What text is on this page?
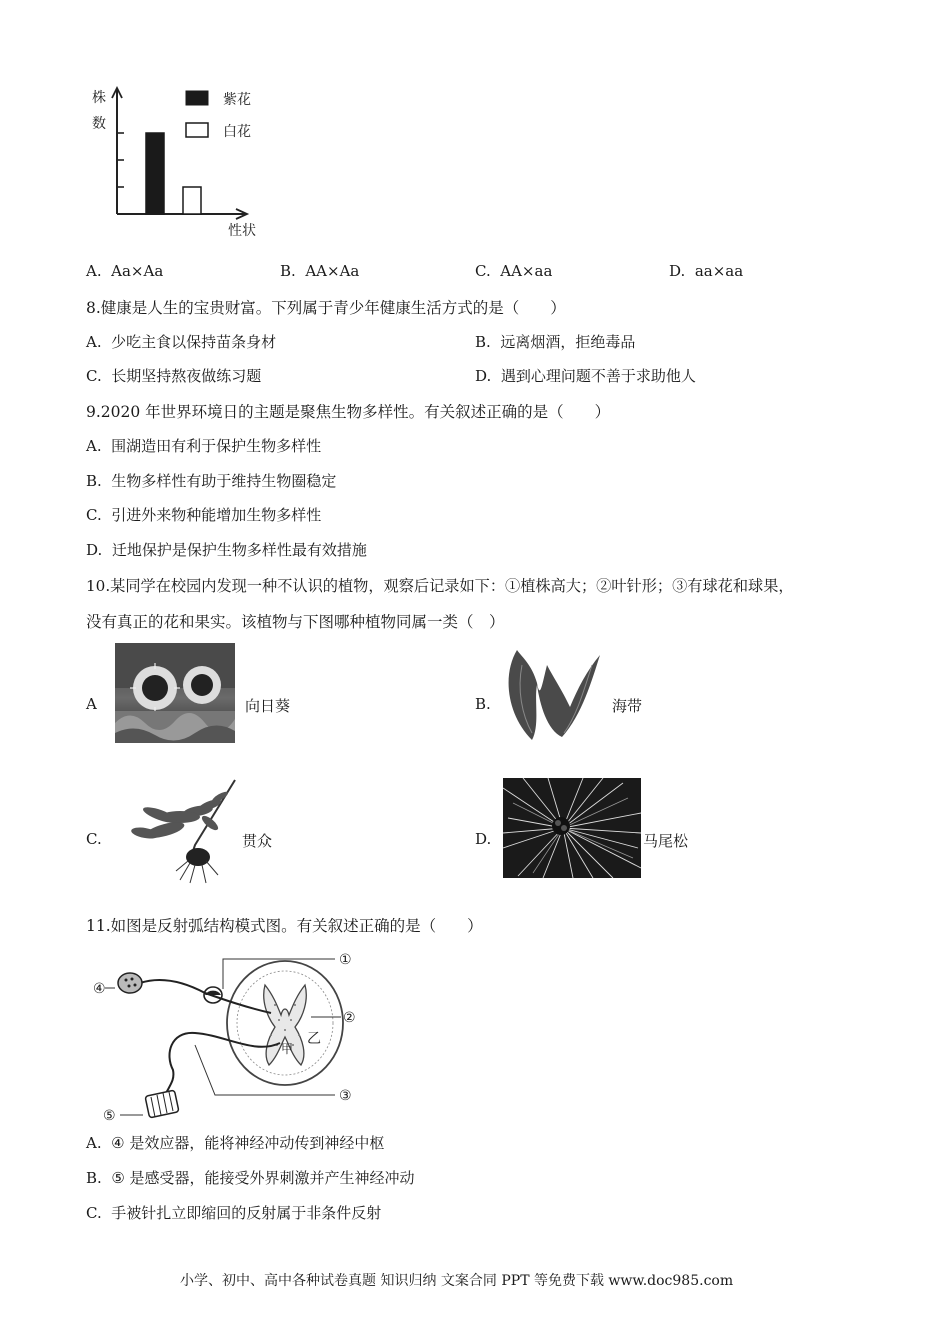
紫花
白花
株
数
性状
A. Aa×Aa	B. AA×Aa	C. AA×aa	D. aa×aa
8.健康是人生的宝贵财富。下列属于青少年健康生活方式的是（　　）
A. 少吃主食以保持苗条身材	B. 远离烟酒，拒绝毒品
C. 长期坚持熬夜做练习题	D. 遇到心理问题不善于求助他人
9.2020 年世界环境日的主题是聚焦生物多样性。有关叙述正确的是（　　）
A. 围湖造田有利于保护生物多样性
B. 生物多样性有助于维持生物圈稳定
C. 引进外来物种能增加生物多样性
D. 迁地保护是保护生物多样性最有效措施
10.某同学在校园内发现一种不认识的植物，观察后记录如下：①植株高大；②叶针形；③有球花和球果，
没有真正的花和果实。该植物与下图哪种植物同属一类（　）
A	向日葵	B.	海带
C.	贯众	D.	马尾松
11.如图是反射弧结构模式图。有关叙述正确的是（　　）
④
⑤
①
②
③
甲
乙
A. ④ 是效应器，能将神经冲动传到神经中枢
B. ⑤ 是感受器，能接受外界刺激并产生神经冲动
C. 手被针扎立即缩回的反射属于非条件反射
小学、初中、高中各种试卷真题 知识归纳 文案合同 PPT 等免费下载 www.doc985.com
